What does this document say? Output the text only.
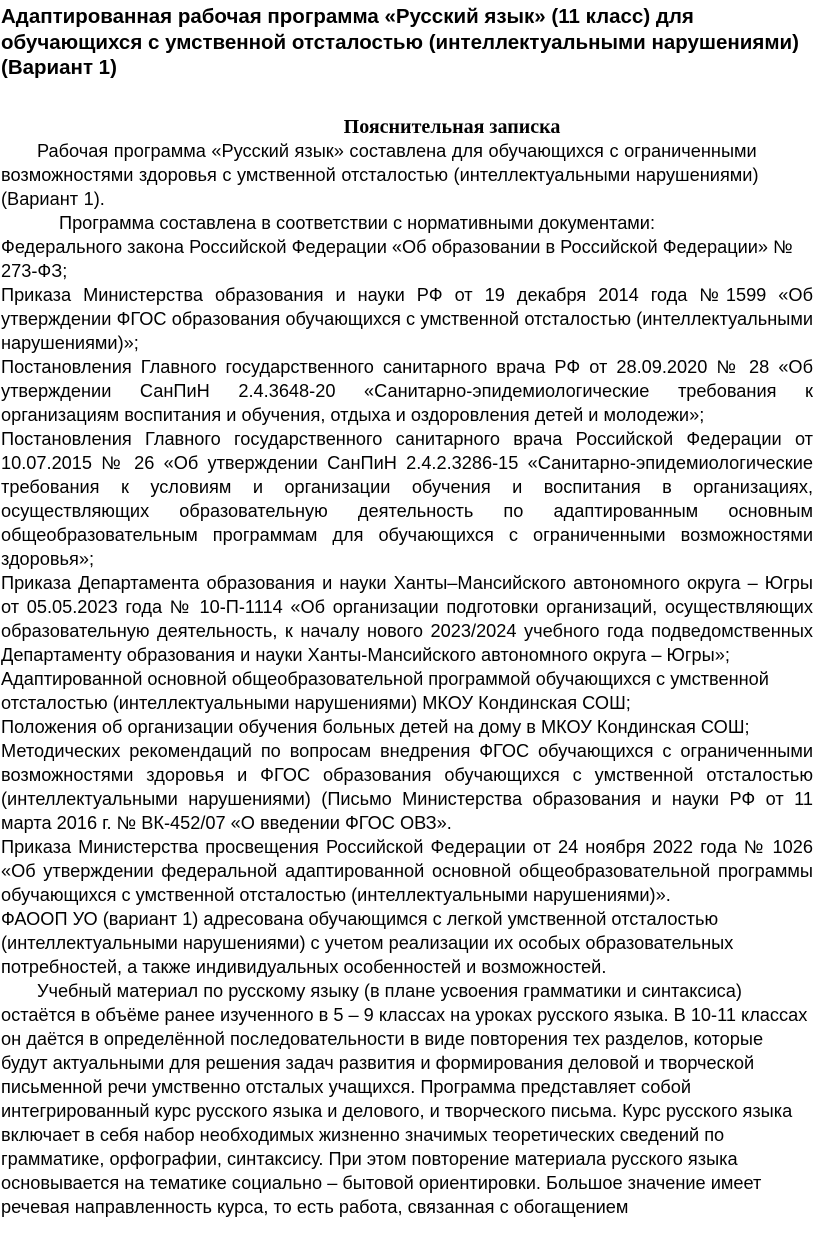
Адаптированная рабочая программа «Русский язык» (11 класс) для обучающихся с умственной отсталостью (интеллектуальными нарушениями) (Вариант 1)
Пояснительная записка

Рабочая программа «Русский язык» составлена для обучающихся с ограниченными возможностями здоровья с умственной отсталостью (интеллектуальными нарушениями) (Вариант 1).

Программа составлена в соответствии с нормативными документами:

Федерального закона Российской Федерации «Об образовании в Российской Федерации» № 273-ФЗ;

Приказа Министерства образования и науки РФ от 19 декабря 2014 года №1599 «Об утверждении ФГОС образования обучающихся с умственной отсталостью (интеллектуальными нарушениями)»;

Постановления Главного государственного санитарного врача РФ от 28.09.2020 № 28 «Об утверждении СанПиН 2.4.3648-20 «Санитарно-эпидемиологические требования к организациям воспитания и обучения, отдыха и оздоровления детей и молодежи»;

Постановления Главного государственного санитарного врача Российской Федерации от 10.07.2015 № 26 «Об утверждении СанПиН 2.4.2.3286-15 «Санитарно-эпидемиологические требования к условиям и организации обучения и воспитания в организациях, осуществляющих образовательную деятельность по адаптированным основным общеобразовательным программам для обучающихся с ограниченными возможностями здоровья»;

Приказа Департамента образования и науки Ханты–Мансийского автономного округа – Югры от 05.05.2023 года № 10-П-1114 «Об организации подготовки организаций, осуществляющих образовательную деятельность, к началу нового 2023/2024 учебного года подведомственных Департаменту образования и науки Ханты-Мансийского автономного округа – Югры»;

Адаптированной основной общеобразовательной программой обучающихся с умственной отсталостью (интеллектуальными нарушениями) МКОУ Кондинская СОШ;

Положения об организации обучения больных детей на дому в МКОУ Кондинская СОШ;

Методических рекомендаций по вопросам внедрения ФГОС обучающихся с ограниченными возможностями здоровья и ФГОС образования обучающихся с умственной отсталостью (интеллектуальными нарушениями) (Письмо Министерства образования и науки РФ от 11 марта 2016 г. № ВК-452/07 «О введении ФГОС ОВЗ».

Приказа Министерства просвещения Российской Федерации от 24 ноября 2022 года № 1026 «Об утверждении федеральной адаптированной основной общеобразовательной программы обучающихся с умственной отсталостью (интеллектуальными нарушениями)».

ФАООП УО (вариант 1) адресована обучающимся с легкой умственной отсталостью (интеллектуальными нарушениями) с учетом реализации их особых образовательных потребностей, а также индивидуальных особенностей и возможностей.

Учебный материал по русскому языку (в плане усвоения грамматики и синтаксиса) остаётся в объёме ранее изученного в 5 – 9 классах на уроках русского языка. В 10-11 классах он даётся в определённой последовательности в виде повторения тех разделов, которые будут актуальными для решения задач развития и формирования деловой и творческой письменной речи умственно отсталых учащихся. Программа представляет собой интегрированный курс русского языка и делового, и творческого письма. Курс русского языка включает в себя набор необходимых жизненно значимых теоретических сведений по грамматике, орфографии, синтаксису. При этом повторение материала русского языка основывается на тематике социально – бытовой ориентировки. Большое значение имеет речевая направленность курса, то есть работа, связанная с обогащением
